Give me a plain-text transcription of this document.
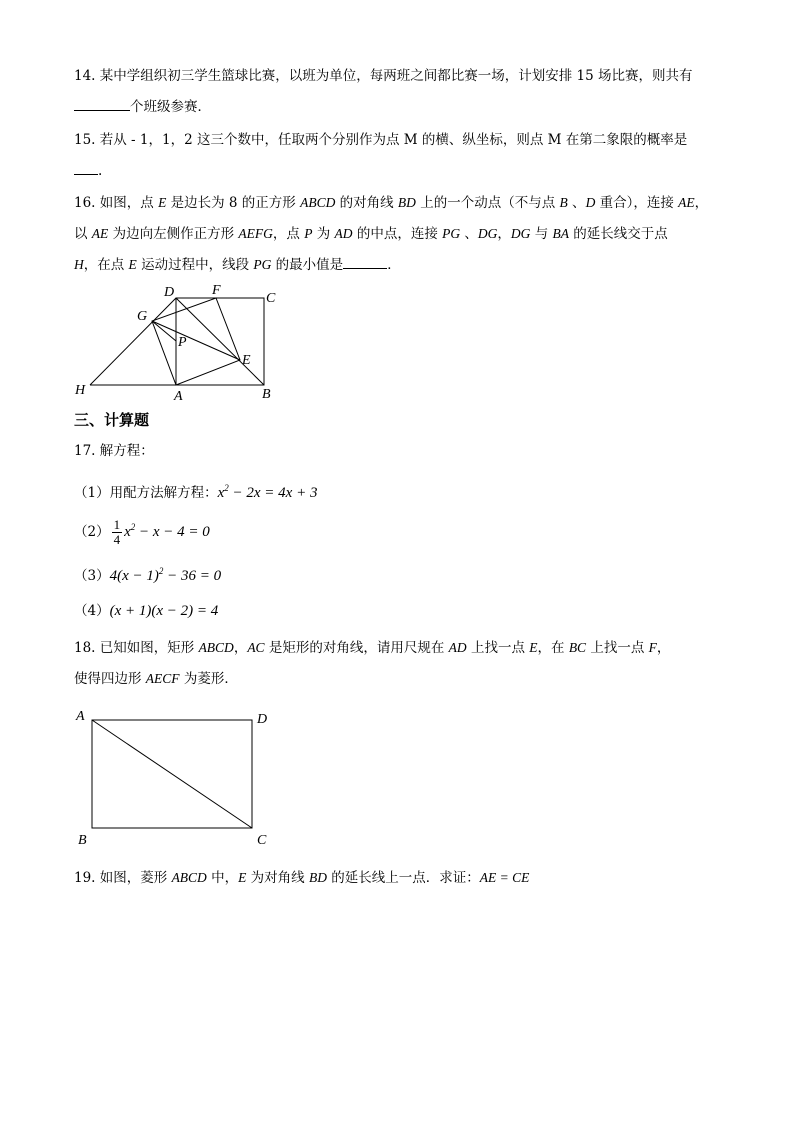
14. 某中学组织初三学生篮球比赛，以班为单位，每两班之间都比赛一场，计划安排 15 场比赛，则共有
个班级参赛．
15. 若从 - 1，1，2 这三个数中，任取两个分别作为点 M 的横、纵坐标，则点 M 在第二象限的概率是
.
16. 如图，点 E 是边长为 8 的正方形 ABCD 的对角线 BD 上的一个动点（不与点 B 、D 重合），连接 AE，
以 AE 为边向左侧作正方形 AEFG，点 P 为 AD 的中点，连接 PG 、DG，DG 与 BA 的延长线交于点
H，在点 E 运动过程中，线段 PG 的最小值是	．
D	F
C
G
P
E
H	A	B
三、计算题
17. 解方程：
（1）用配方法解方程：$x^2 - 2x = 4x + 3$
$(2) \frac{1}{4} x^2 - x - 4 = 0$
$(3)4(x - 1)^2 - 36 = 0$
（4）(x + 1)(x − 2) = 4
18. 已知如图，矩形 ABCD，AC 是矩形的对角线，请用尺规在 AD 上找一点 E，在 BC 上找一点 F，
使得四边形 AECF 为菱形．
A	D
B	C
19. 如图，菱形 ABCD 中，E 为对角线 BD 的延长线上一点．求证：AE = CE
